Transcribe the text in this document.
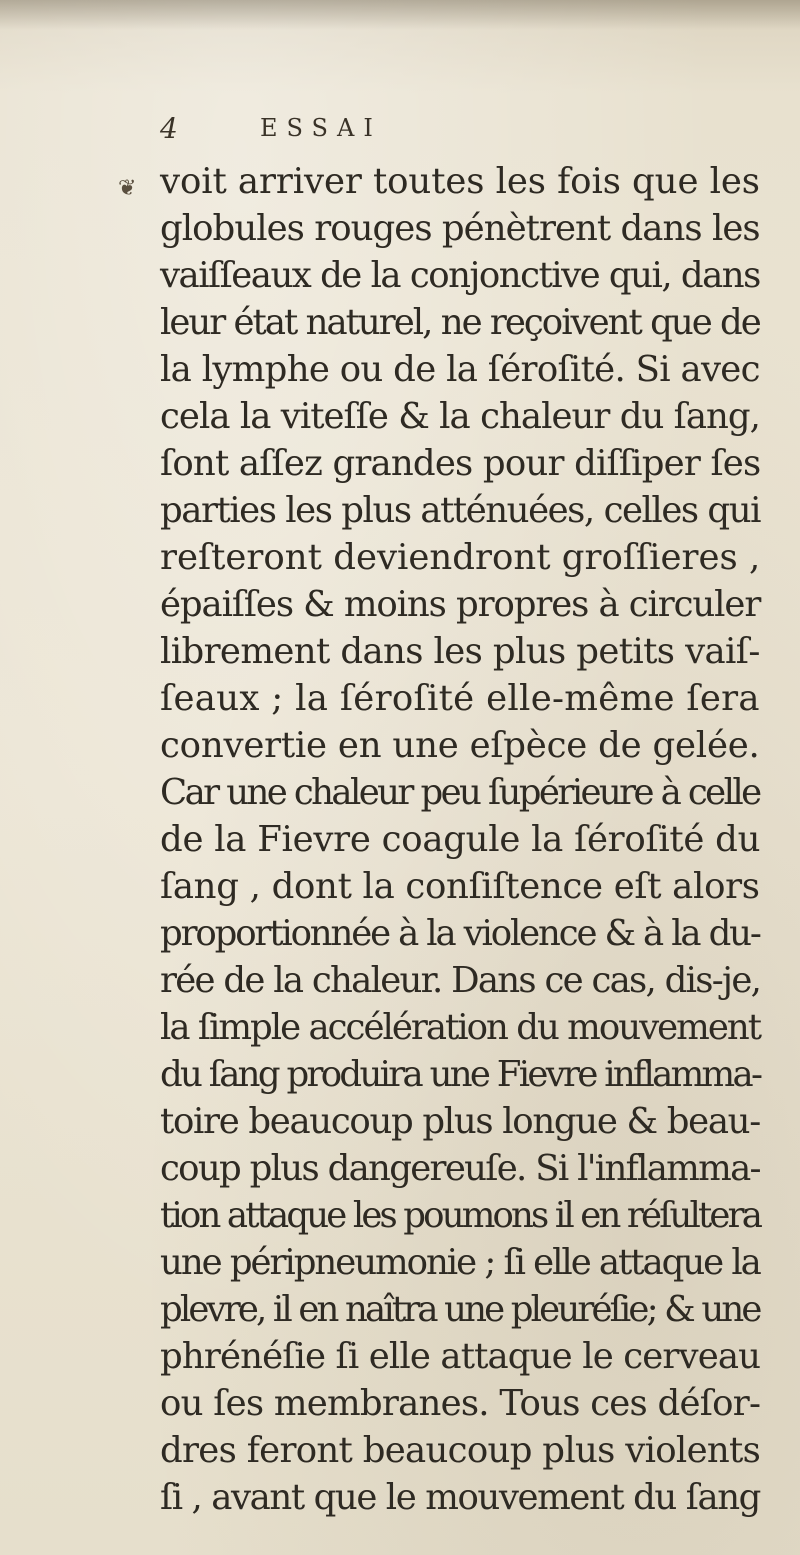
4	ESSAI
❦ voit arriver toutes les fois que les
globules rouges pénètrent dans les
vaiſſeaux de la conjonctive qui, dans
leur état naturel, ne reçoivent que de
la lymphe ou de la ſéroſité. Si avec
cela la viteſſe & la chaleur du ſang,
ſont aſſez grandes pour diſſiper ſes
parties les plus atténuées, celles qui
reſteront deviendront groſſieres ,
épaiſſes & moins propres à circuler
librement dans les plus petits vaiſ-
ſeaux ; la ſéroſité elle-même ſera
convertie en une eſpèce de gelée.
Car une chaleur peu ſupérieure à celle
de la Fievre coagule la ſéroſité du
ſang , dont la conſiſtence eſt alors
proportionnée à la violence & à la du-
rée de la chaleur. Dans ce cas, dis-je,
la ſimple accélération du mouvement
du ſang produira une Fievre inflamma-
toire beaucoup plus longue & beau-
coup plus dangereuſe. Si l'inflamma-
tion attaque les poumons il en réſultera
une péripneumonie ; ſi elle attaque la
plevre, il en naîtra une pleuréſie; & une
phrénéſie ſi elle attaque le cerveau
ou ſes membranes. Tous ces déſor-
dres feront beaucoup plus violents
ſi , avant que le mouvement du ſang
